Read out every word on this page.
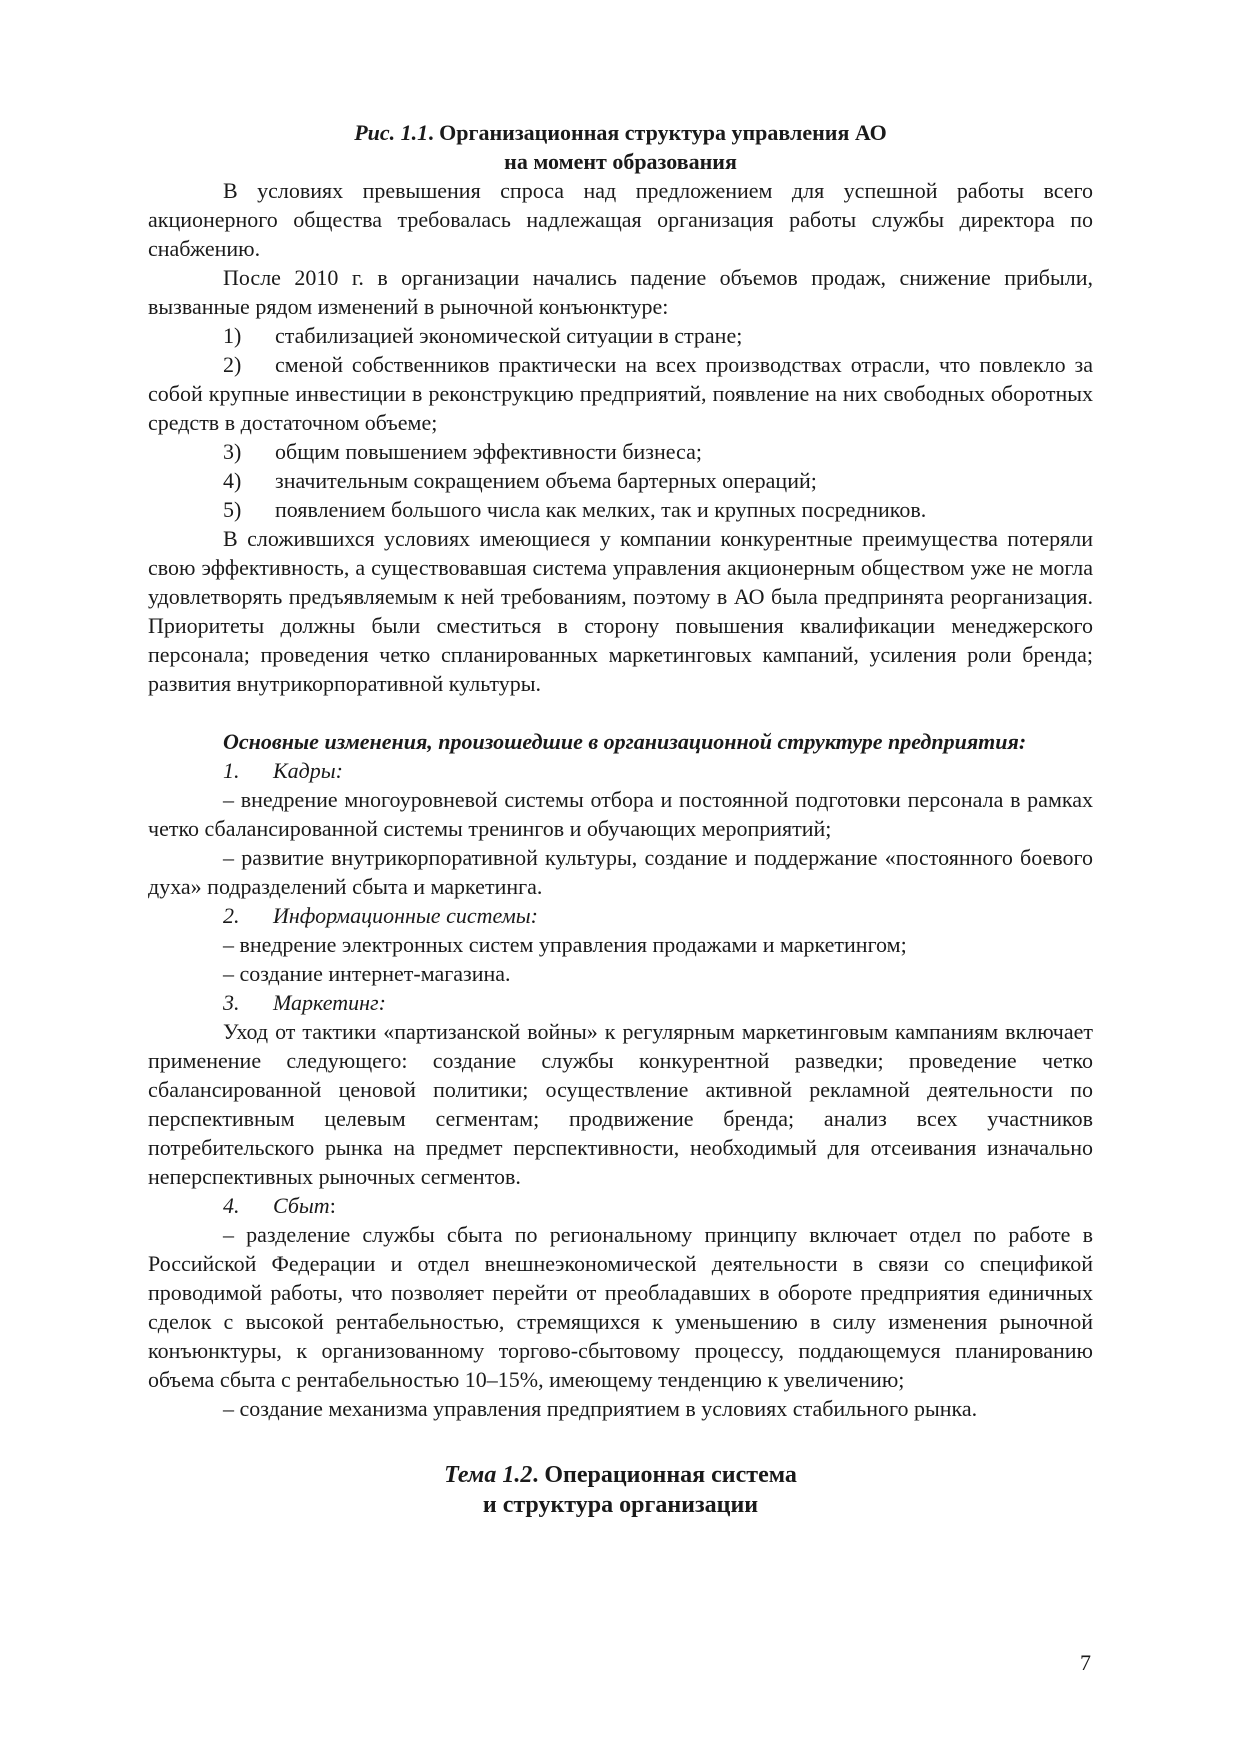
Рис. 1.1. Организационная структура управления АО

на момент образования

В условиях превышения спроса над предложением для успешной работы всего акционерного общества требовалась надлежащая организация работы службы директора по снабжению.

После 2010 г. в организации начались падение объемов продаж, снижение прибыли, вызванные рядом изменений в рыночной конъюнктуре:

1) стабилизацией экономической ситуации в стране;

2) сменой собственников практически на всех производствах отрасли, что повлекло за собой крупные инвестиции в реконструкцию предприятий, появление на них свободных оборотных средств в достаточном объеме;

3) общим повышением эффективности бизнеса;

4) значительным сокращением объема бартерных операций;

5) появлением большого числа как мелких, так и крупных посредников.

В сложившихся условиях имеющиеся у компании конкурентные преимущества потеряли свою эффективность, а существовавшая система управления акционерным обществом уже не могла удовлетворять предъявляемым к ней требованиям, поэтому в АО была предпринята реорганизация. Приоритеты должны были сместиться в сторону повышения квалификации менеджерского персонала; проведения четко спланированных маркетинговых кампаний, усиления роли бренда; развития внутрикорпоративной культуры.

Основные изменения, произошедшие в организационной структуре предприятия:

1. Кадры:

– внедрение многоуровневой системы отбора и постоянной подготовки персонала в рамках четко сбалансированной системы тренингов и обучающих мероприятий;

– развитие внутрикорпоративной культуры, создание и поддержание «постоянного боевого духа» подразделений сбыта и маркетинга.

2. Информационные системы:

– внедрение электронных систем управления продажами и маркетингом;

– создание интернет-магазина.

3. Маркетинг:

Уход от тактики «партизанской войны» к регулярным маркетинговым кампаниям включает применение следующего: создание службы конкурентной разведки; проведение четко сбалансированной ценовой политики; осуществление активной рекламной деятельности по перспективным целевым сегментам; продвижение бренда; анализ всех участников потребительского рынка на предмет перспективности, необходимый для отсеивания изначально неперспективных рыночных сегментов.

4. Сбыт:

– разделение службы сбыта по региональному принципу включает отдел по работе в Российской Федерации и отдел внешнеэкономической деятельности в связи со спецификой проводимой работы, что позволяет перейти от преобладавших в обороте предприятия единичных сделок с высокой рентабельностью, стремящихся к уменьшению в силу изменения рыночной конъюнктуры, к организованному торгово-сбытовому процессу, поддающемуся планированию объема сбыта с рентабельностью 10–15%, имеющему тенденцию к увеличению;

– создание механизма управления предприятием в условиях стабильного рынка.

Тема 1.2. Операционная система

и структура организации

7
